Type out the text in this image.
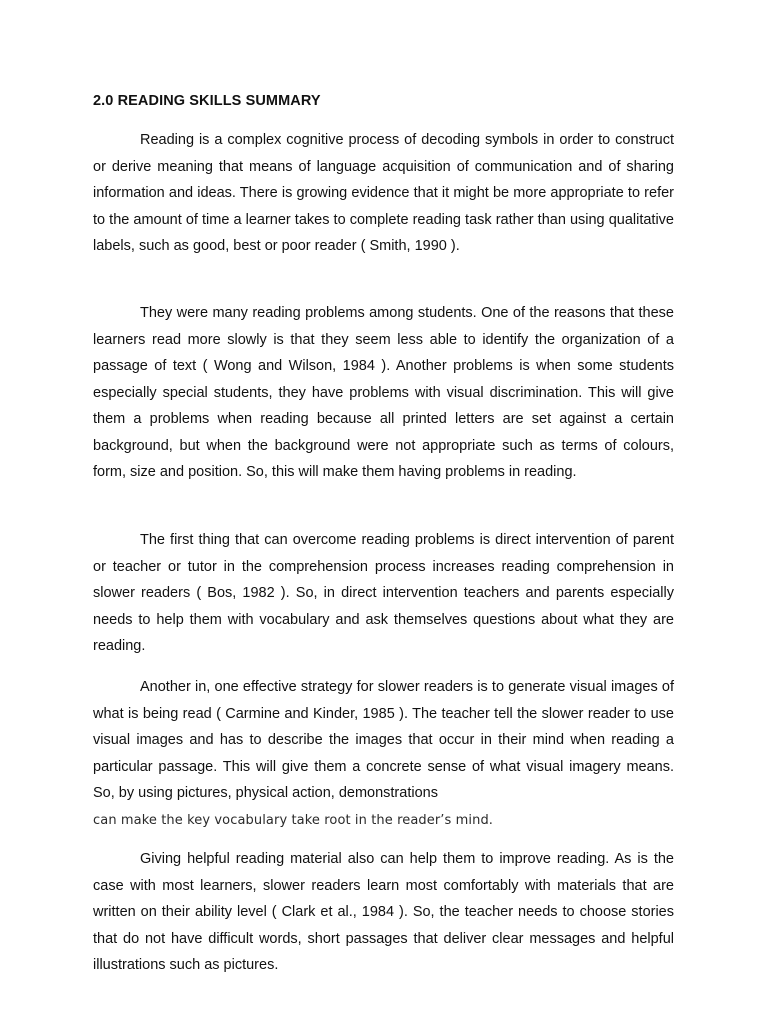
2.0 READING SKILLS SUMMARY

Reading is a complex cognitive process of decoding symbols in order to construct or derive meaning that means of language acquisition of communication and of sharing information and ideas. There is growing evidence that it might be more appropriate to refer to the amount of time a learner takes to complete reading task rather than using qualitative labels, such as good, best or poor reader ( Smith, 1990 ).

They were many reading problems among students. One of the reasons that these learners read more slowly is that they seem less able to identify the organization of a passage of text ( Wong and Wilson, 1984 ). Another problems is when some students especially special students, they have problems with visual discrimination. This will give them a problems when reading because all printed letters are set against a certain background, but when the background were not appropriate such as terms of colours, form, size and position. So, this will make them having problems in reading.

The first thing that can overcome reading problems is direct intervention of parent or teacher or tutor in the comprehension process increases reading comprehension in slower readers ( Bos, 1982 ). So, in direct intervention teachers and parents especially needs to help them with vocabulary and ask themselves questions about what they are reading.

Another in, one effective strategy for slower readers is to generate visual images of what is being read ( Carmine and Kinder, 1985 ). The teacher tell the slower reader to use visual images and has to describe the images that occur in their mind when reading a particular passage. This will give them a concrete sense of what visual imagery means. So, by using pictures, physical action, demonstrations
can make the key vocabulary take root in the reader’s mind.

Giving helpful reading material also can help them to improve reading. As is the case with most learners, slower readers learn most comfortably with materials that are written on their ability level ( Clark et al., 1984 ). So, the teacher needs to choose stories that do not have difficult words, short passages that deliver clear messages and helpful illustrations such as pictures.
